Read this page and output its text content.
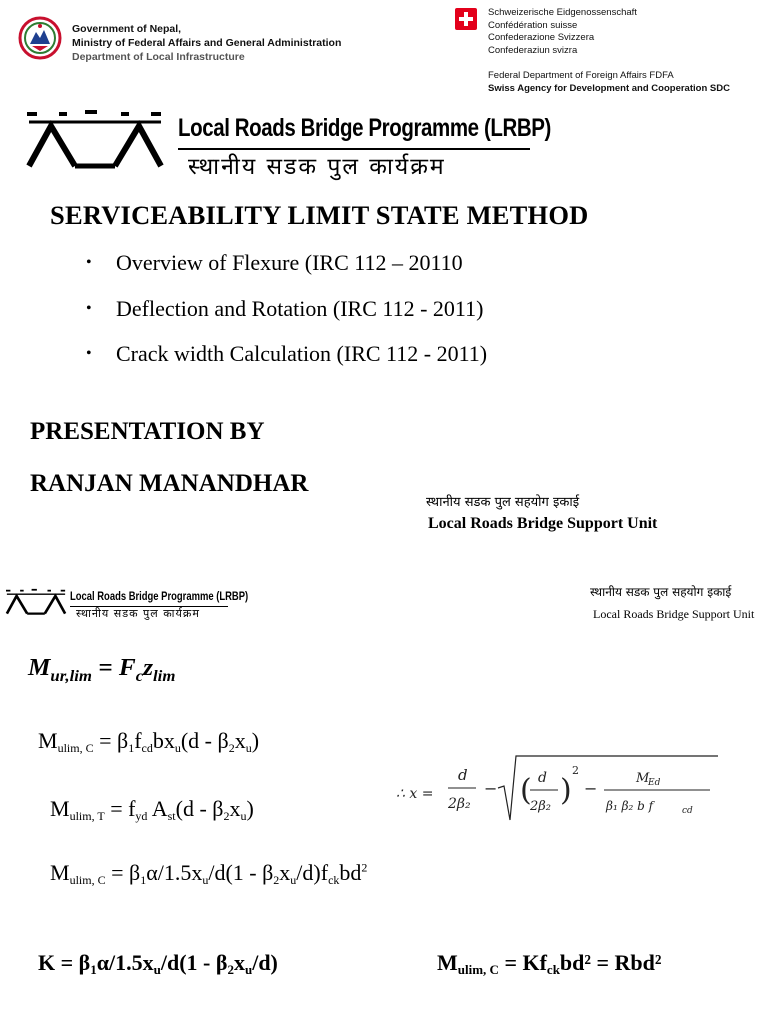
Government of Nepal,
Ministry of Federal Affairs and General Administration
Department of Local Infrastructure
Schweizerische Eidgenossenschaft
Confédération suisse
Confederazione Svizzera
Confederaziun svizra
Federal Department of Foreign Affairs FDFA
Swiss Agency for Development and Cooperation SDC
Local Roads Bridge Programme (LRBP)
स्थानीय सडक पुल कार्यक्रम
SERVICEABILITY LIMIT STATE METHOD
• Overview of Flexure (IRC 112 – 20110
• Deflection and Rotation (IRC 112 - 2011)
• Crack width Calculation (IRC 112 - 2011)
PRESENTATION BY
RANJAN MANANDHAR
स्थानीय सडक पुल सहयोग इकाई
Local Roads Bridge Support Unit
Local Roads Bridge Programme (LRBP)
स्थानीय सडक पुल कार्यक्रम
स्थानीय सडक पुल सहयोग इकाई
Local Roads Bridge Support Unit
$M_{ur,lim} = F_cz_{lim}$
$M_{ulim, C} = \beta_1f_{cd}bx_u(d - \beta_2x_u)$
$M_{ulim, T} = f_{yd}$ $A_{st}(d - \beta_2x_u)$
$M_{ulim, C} = \beta_1\alpha/1.5x_u/d(1 - \beta_2x_u/d)f_{ck}bd^2$
∴ x =
d
2β₂
− ( d
2β₂ )
2
−
M
Ed
β₁ β₂ b f	cd
$K = \beta_1\alpha/1.5x_u/d(1 - \beta_2x_u/d)$	$M_{ulim, C} = Kf_{ck}bd^2 = Rbd^2$
